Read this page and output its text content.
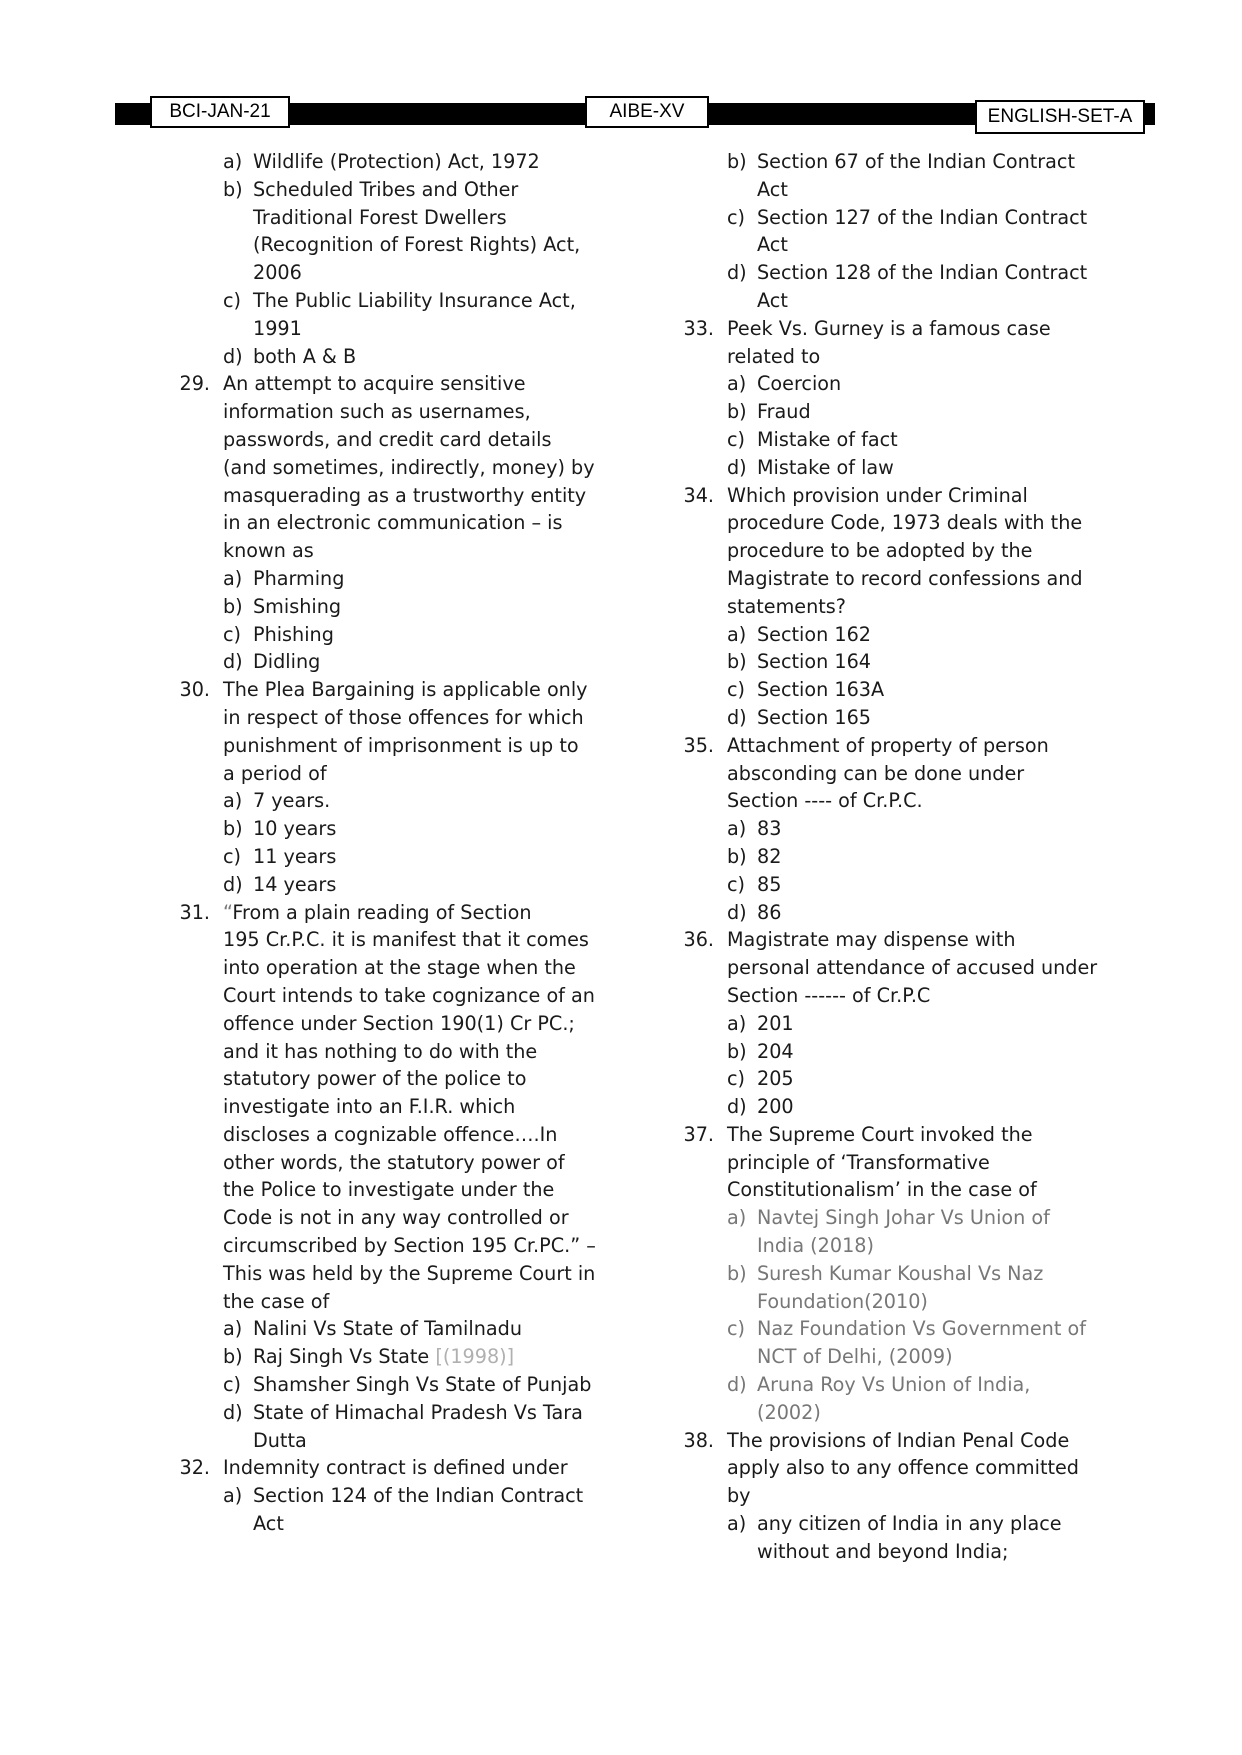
BCI-JAN-21	AIBE-XV	ENGLISH-SET-A
a) Wildlife (Protection) Act, 1972
b) Scheduled Tribes and Other
Traditional Forest Dwellers
(Recognition of Forest Rights) Act,
2006
c) The Public Liability Insurance Act,
1991
d) both A & B
29. An attempt to acquire sensitive
information such as usernames,
passwords, and credit card details
(and sometimes, indirectly, money) by
masquerading as a trustworthy entity
in an electronic communication – is
known as
a) Pharming
b) Smishing
c) Phishing
d) Didling
30. The Plea Bargaining is applicable only
in respect of those offences for which
punishment of imprisonment is up to
a period of
a) 7 years.
b) 10 years
c) 11 years
d) 14 years
31. “From a plain reading of Section
195 Cr.P.C. it is manifest that it comes
into operation at the stage when the
Court intends to take cognizance of an
offence under Section 190(1) Cr PC.;
and it has nothing to do with the
statutory power of the police to
investigate into an F.I.R. which
discloses a cognizable offence….In
other words, the statutory power of
the Police to investigate under the
Code is not in any way controlled or
circumscribed by Section 195 Cr.PC.” –
This was held by the Supreme Court in
the case of
a) Nalini Vs State of Tamilnadu
b) Raj Singh Vs State [(1998)]
c) Shamsher Singh Vs State of Punjab
d) State of Himachal Pradesh Vs Tara
Dutta
32. Indemnity contract is defined under
a) Section 124 of the Indian Contract
Act
b) Section 67 of the Indian Contract
Act
c) Section 127 of the Indian Contract
Act
d) Section 128 of the Indian Contract
Act
33. Peek Vs. Gurney is a famous case
related to
a) Coercion
b) Fraud
c) Mistake of fact
d) Mistake of law
34. Which provision under Criminal
procedure Code, 1973 deals with the
procedure to be adopted by the
Magistrate to record confessions and
statements?
a) Section 162
b) Section 164
c) Section 163A
d) Section 165
35. Attachment of property of person
absconding can be done under
Section ---- of Cr.P.C.
a) 83
b) 82
c) 85
d) 86
36. Magistrate may dispense with
personal attendance of accused under
Section ------ of Cr.P.C
a) 201
b) 204
c) 205
d) 200
37. The Supreme Court invoked the
principle of ‘Transformative
Constitutionalism’ in the case of
a) Navtej Singh Johar Vs Union of
India (2018)
b) Suresh Kumar Koushal Vs Naz
Foundation(2010)
c) Naz Foundation Vs Government of
NCT of Delhi, (2009)
d) Aruna Roy Vs Union of India,
(2002)
38. The provisions of Indian Penal Code
apply also to any offence committed
by
a) any citizen of India in any place
without and beyond India;
